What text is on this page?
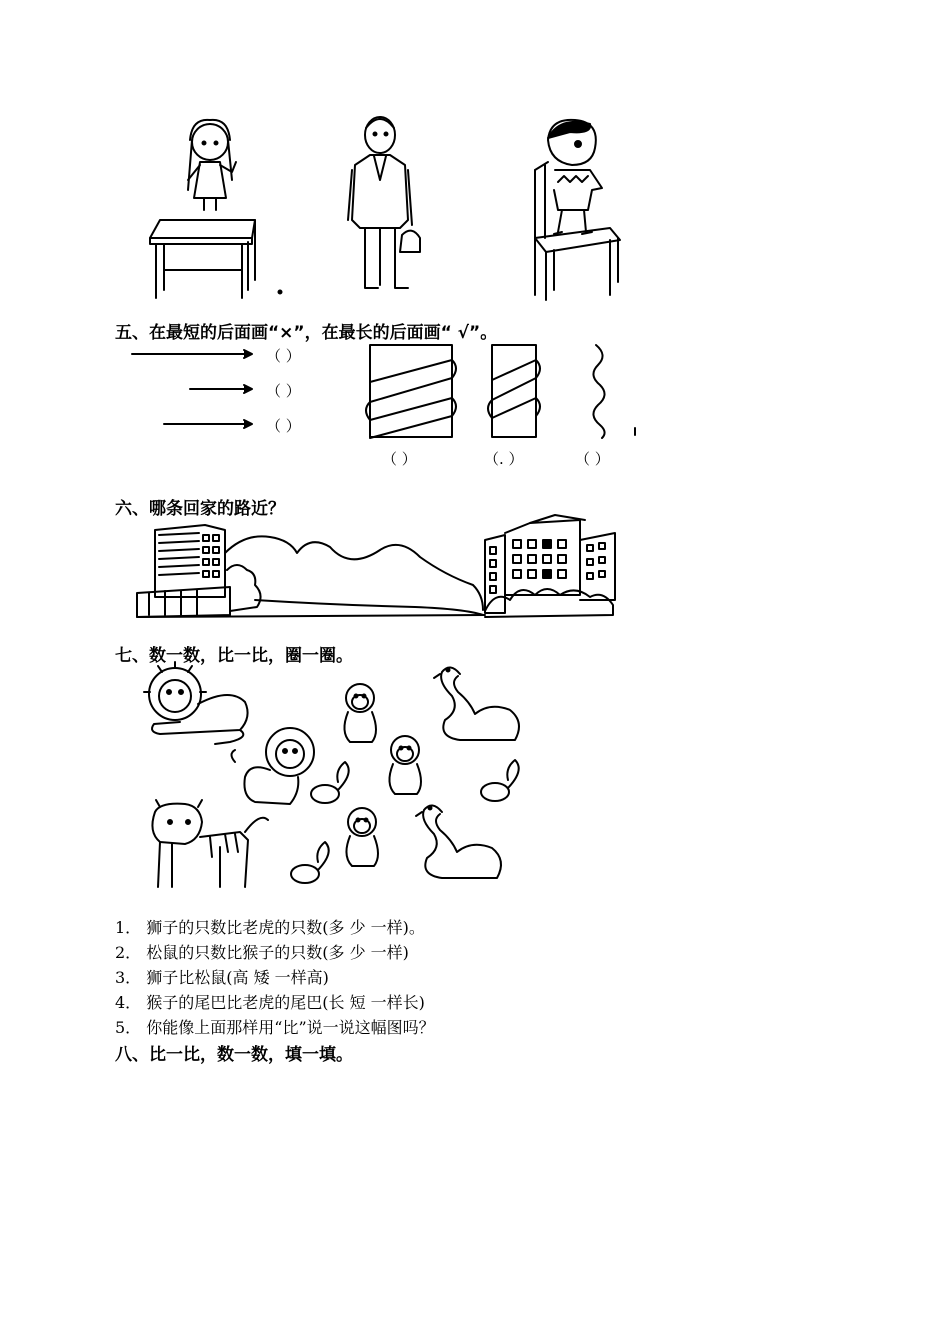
五、在最短的后面画“×”，在最长的后面画“ √”。
（ ）
（ ）
（ ）
（ ）	（. ）	（ ）
六、哪条回家的路近？
七、数一数，比一比，圈一圈。
1． 狮子的只数比老虎的只数(多 少 一样)。
2． 松鼠的只数比猴子的只数(多 少 一样)
3． 狮子比松鼠(高 矮 一样高)
4． 猴子的尾巴比老虎的尾巴(长 短 一样长)
5． 你能像上面那样用“比”说一说这幅图吗？
八、比一比，数一数，填一填。
